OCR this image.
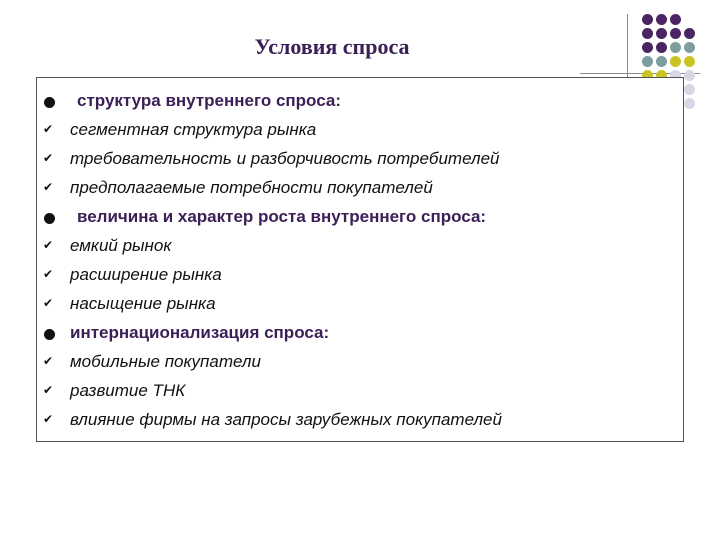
Условия спроса
структура внутреннего спроса:
✔ сегментная структура рынка
✔ требовательность и разборчивость потребителей
✔ предполагаемые потребности покупателей
величина и характер роста внутреннего спроса:
✔ емкий рынок
✔ расширение рынка
✔ насыщение рынка
интернационализация спроса:
✔ мобильные покупатели
✔ развитие ТНК
✔ влияние фирмы на запросы зарубежных покупателей
